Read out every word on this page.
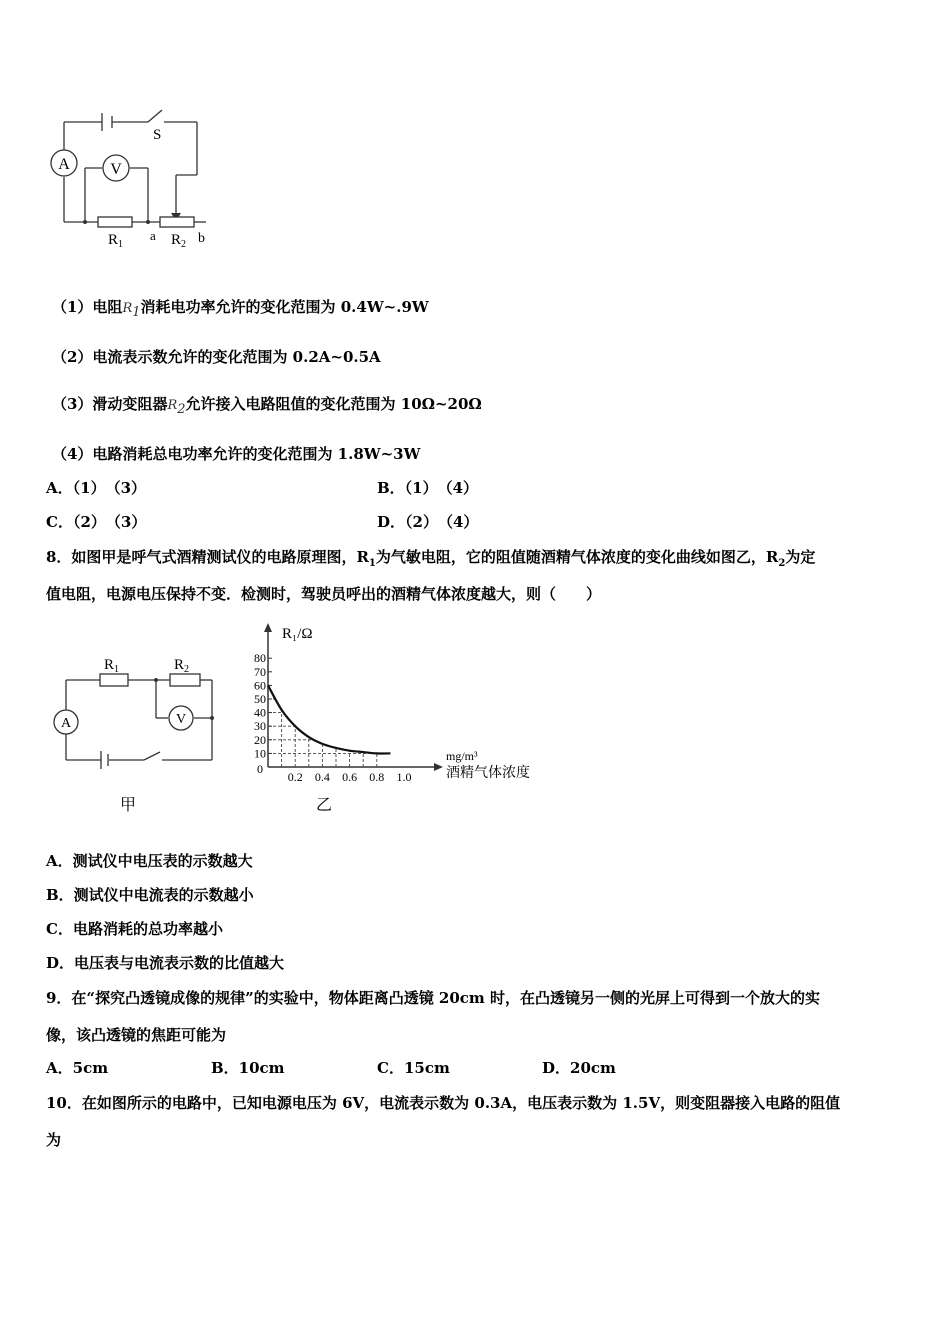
A	V
S
$R_1$
a $R_2$ b
（1）电阻R1消耗电功率允许的变化范围为 0.4W~.9W
（2）电流表示数允许的变化范围为 0.2A~0.5A
（3）滑动变阻器R2允许接入电路阻值的变化范围为 10Ω~20Ω
（4）电路消耗总电功率允许的变化范围为 1.8W~3W
A．（1）　（3）	B．（1）　（4）
C．（2）　（3）	D．（2）　（4）
8．如图甲是呼气式酒精测试仪的电路原理图，$R_1$为气敏电阻，它的阻值随酒精气体浓度的变化曲线如图乙，$R_2$为定
值电阻，电源电压保持不变．检测时，驾驶员呼出的酒精气体浓度越大，则（　　）
A	V
$R_1$	$R_2$
甲
10
20
30
40
50
60
70
80
0.2 0.4 0.6 0.8 1.0
R₁/Ω
0
mg/m³
酒精气体浓度
乙
A．测试仪中电压表的示数越大
B．测试仪中电流表的示数越小
C．电路消耗的总功率越小
D．电压表与电流表示数的比值越大
9．在“探究凸透镜成像的规律”的实验中，物体距离凸透镜 20cm 时，在凸透镜另一侧的光屏上可得到一个放大的实
像，该凸透镜的焦距可能为
A．5cm	B．10cm	C．15cm	D．20cm
10．在如图所示的电路中，已知电源电压为 6V，电流表示数为 0.3A，电压表示数为 1.5V，则变阻器接入电路的阻值
为
